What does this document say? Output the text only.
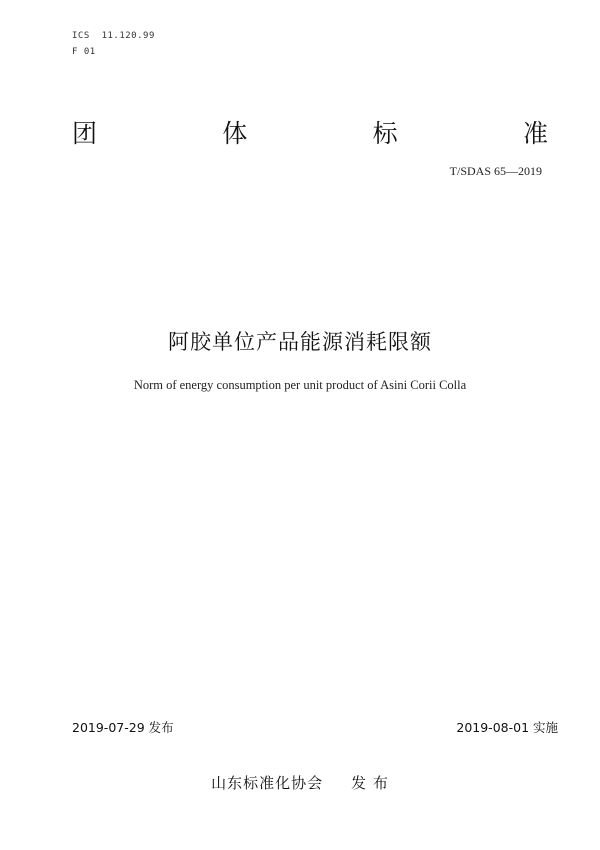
ICS  11.120.99
F 01
团	体	标	准
T/SDAS 65—2019
阿胶单位产品能源消耗限额
Norm of energy consumption per unit product of Asini Corii Colla
2019-07-29 发布	2019-08-01 实施
山东标准化协会 发 布
